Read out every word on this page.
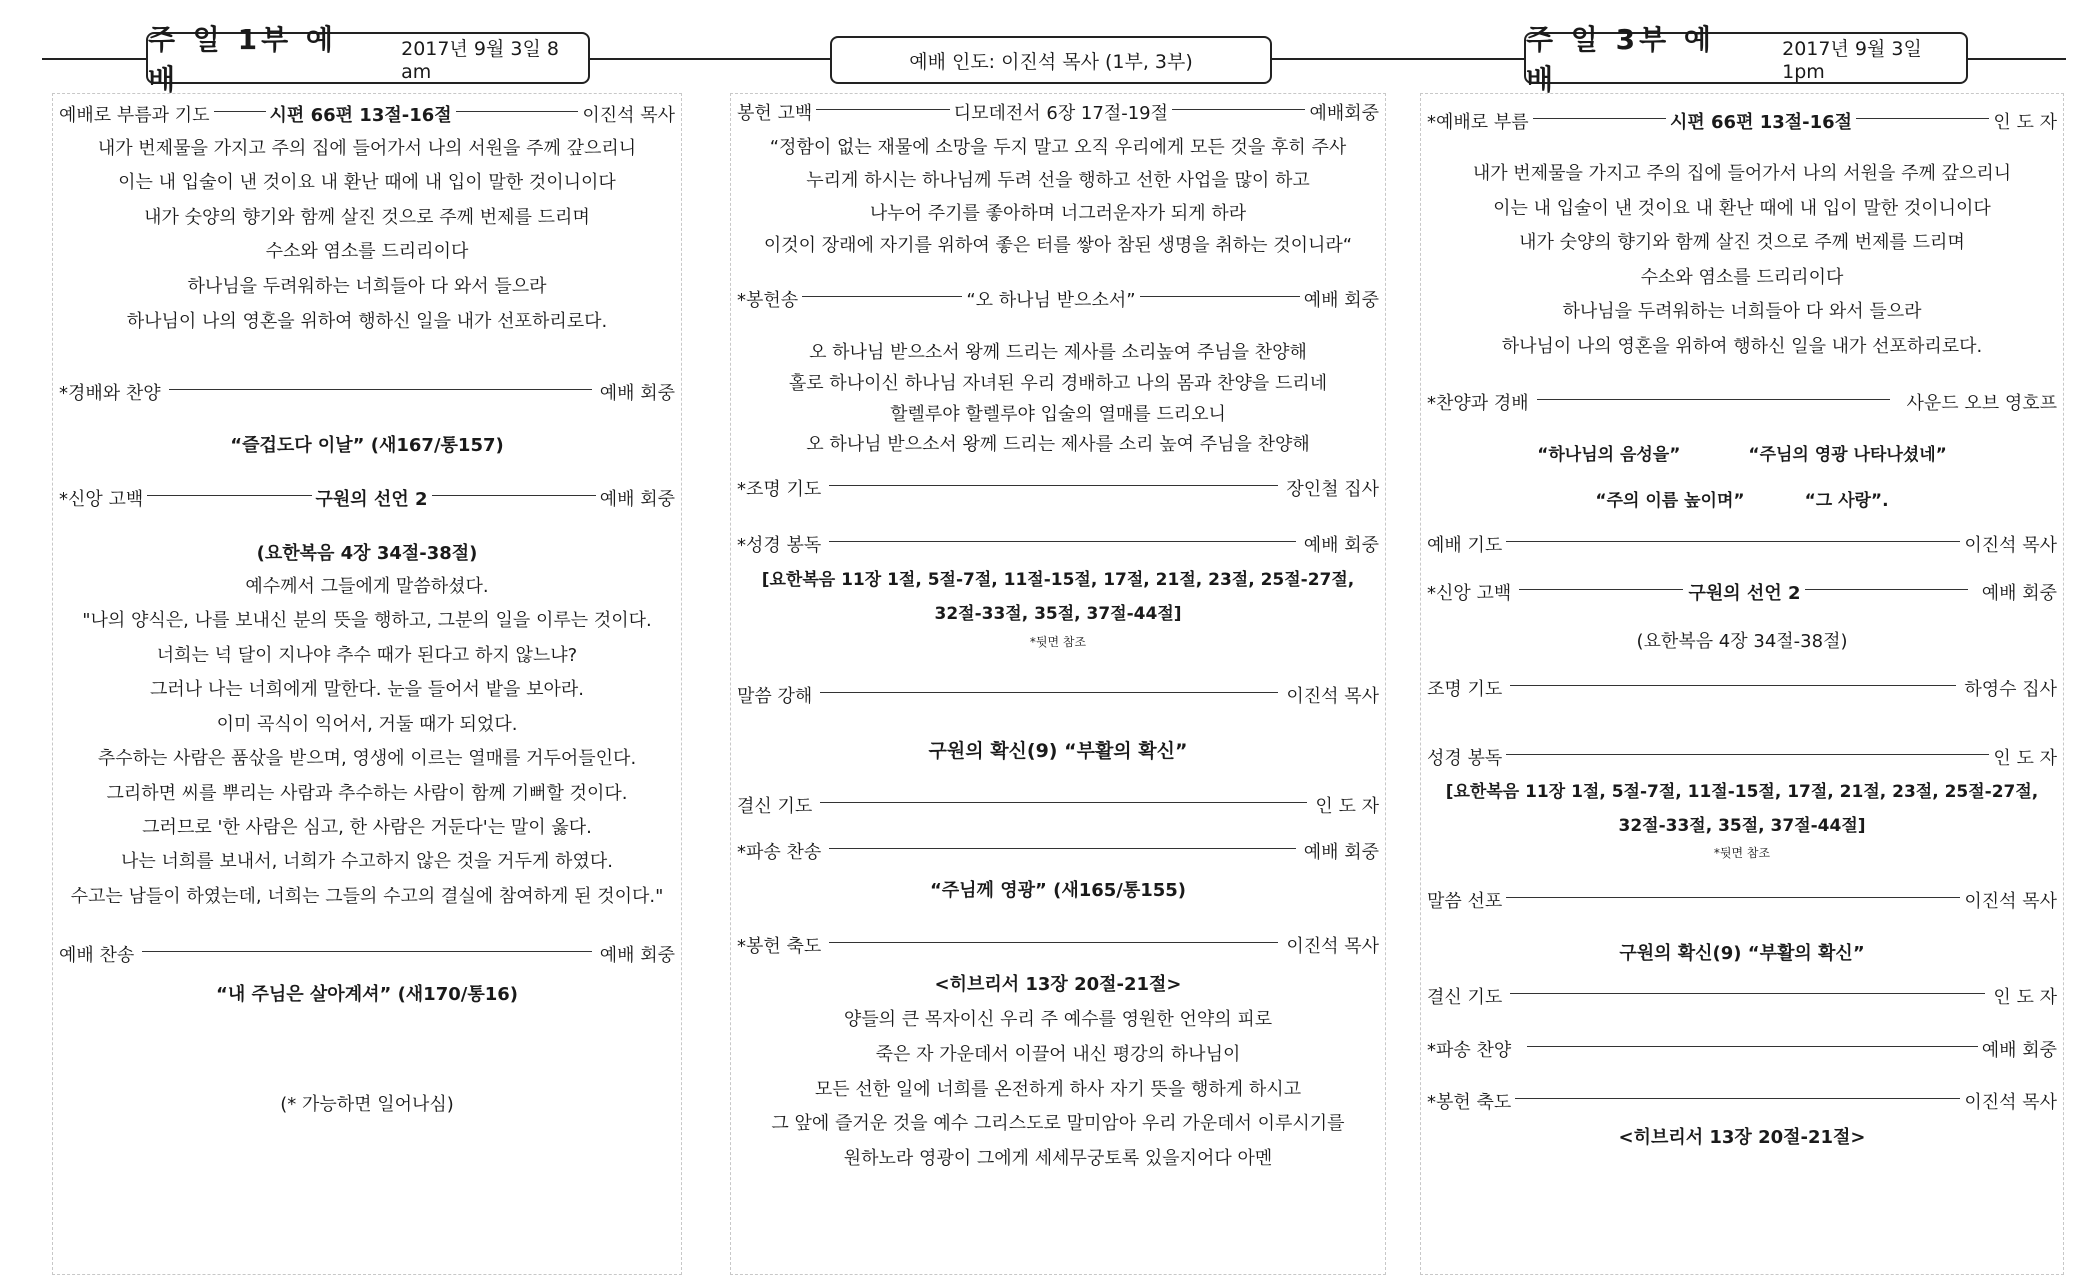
주 일 1부 예 배
2017년 9월 3일 8 am	예배 인도: 이진석 목사 (1부, 3부)
주 일 3부 예 배
2017년 9월 3일 1pm
예배로 부름과 기도	시편 66편 13절-16절	이진석 목사
내가 번제물을 가지고 주의 집에 들어가서 나의 서원을 주께 갚으리니
이는 내 입술이 낸 것이요 내 환난 때에 내 입이 말한 것이니이다
내가 숫양의 향기와 함께 살진 것으로 주께 번제를 드리며
수소와 염소를 드리리이다
하나님을 두려워하는 너희들아 다 와서 들으라
하나님이 나의 영혼을 위하여 행하신 일을 내가 선포하리로다.
*경배와 찬양	예배 회중
“즐겁도다 이날” (새167/통157)
*신앙 고백	구원의 선언 2	예배 회중
(요한복음 4장 34절-38절)
예수께서 그들에게 말씀하셨다.
"나의 양식은, 나를 보내신 분의 뜻을 행하고, 그분의 일을 이루는 것이다.
너희는 넉 달이 지나야 추수 때가 된다고 하지 않느냐?
그러나 나는 너희에게 말한다. 눈을 들어서 밭을 보아라.
이미 곡식이 익어서, 거둘 때가 되었다.
추수하는 사람은 품삯을 받으며, 영생에 이르는 열매를 거두어들인다.
그리하면 씨를 뿌리는 사람과 추수하는 사람이 함께 기뻐할 것이다.
그러므로 '한 사람은 심고, 한 사람은 거둔다'는 말이 옳다.
나는 너희를 보내서, 너희가 수고하지 않은 것을 거두게 하였다.
수고는 남들이 하였는데, 너희는 그들의 수고의 결실에 참여하게 된 것이다."
예배 찬송	예배 회중
“내 주님은 살아계셔” (새170/통16)
(* 가능하면 일어나심)
봉헌 고백	디모데전서 6장 17절-19절	예배회중
“정함이 없는 재물에 소망을 두지 말고 오직 우리에게 모든 것을 후히 주사
누리게 하시는 하나님께 두려 선을 행하고 선한 사업을 많이 하고
나누어 주기를 좋아하며 너그러운자가 되게 하라
이것이 장래에 자기를 위하여 좋은 터를 쌓아 참된 생명을 취하는 것이니라“
*봉헌송	“오 하나님 받으소서”	예배 회중
오 하나님 받으소서 왕께 드리는 제사를 소리높여 주님을 찬양해
홀로 하나이신 하나님 자녀된 우리 경배하고 나의 몸과 찬양을 드리네
할렐루야 할렐루야 입술의 열매를 드리오니
오 하나님 받으소서 왕께 드리는 제사를 소리 높여 주님을 찬양해
*조명 기도	장인철 집사
*성경 봉독	예배 회중
[요한복음 11장 1절, 5절-7절, 11절-15절, 17절, 21절, 23절, 25절-27절,
32절-33절, 35절, 37절-44절]
*뒷면 참조
말씀 강해	이진석 목사
구원의 확신(9) “부활의 확신”
결신 기도	인 도 자
*파송 찬송	예배 회중
“주님께 영광” (새165/통155)
*봉헌 축도	이진석 목사
<히브리서 13장 20절-21절>
양들의 큰 목자이신 우리 주 예수를 영원한 언약의 피로
죽은 자 가운데서 이끌어 내신 평강의 하나님이
모든 선한 일에 너희를 온전하게 하사 자기 뜻을 행하게 하시고
그 앞에 즐거운 것을 예수 그리스도로 말미암아 우리 가운데서 이루시기를
원하노라 영광이 그에게 세세무궁토록 있을지어다 아멘
*예배로 부름	시편 66편 13절-16절	인 도 자
내가 번제물을 가지고 주의 집에 들어가서 나의 서원을 주께 갚으리니
이는 내 입술이 낸 것이요 내 환난 때에 내 입이 말한 것이니이다
내가 숫양의 향기와 함께 살진 것으로 주께 번제를 드리며
수소와 염소를 드리리이다
하나님을 두려워하는 너희들아 다 와서 들으라
하나님이 나의 영혼을 위하여 행하신 일을 내가 선포하리로다.
*찬양과 경배	사운드 오브 영호프
“하나님의 음성을”	“주님의 영광 나타나셨네”
“주의 이름 높이며”	“그 사랑”.
예배 기도	이진석 목사
*신앙 고백	구원의 선언 2	예배 회중
(요한복음 4장 34절-38절)
조명 기도	하영수 집사
성경 봉독	인 도 자
[요한복음 11장 1절, 5절-7절, 11절-15절, 17절, 21절, 23절, 25절-27절,
32절-33절, 35절, 37절-44절]
*뒷면 참조
말씀 선포	이진석 목사
구원의 확신(9) “부활의 확신”
결신 기도	인 도 자
*파송 찬양	예배 회중
*봉헌 축도	이진석 목사
<히브리서 13장 20절-21절>
